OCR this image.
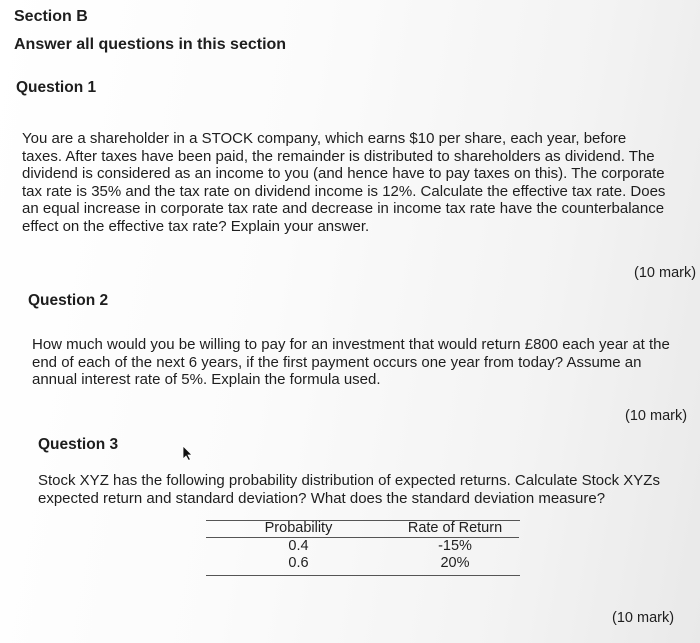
Section B
Answer all questions in this section
Question 1
You are a shareholder in a STOCK company, which earns $10 per share, each year, before
taxes. After taxes have been paid, the remainder is distributed to shareholders as dividend. The
dividend is considered as an income to you (and hence have to pay taxes on this). The corporate
tax rate is 35% and the tax rate on dividend income is 12%. Calculate the effective tax rate. Does
an equal increase in corporate tax rate and decrease in income tax rate have the counterbalance
effect on the effective tax rate? Explain your answer.
(10 mark)
Question 2
How much would you be willing to pay for an investment that would return £800 each year at the
end of each of the next 6 years, if the first payment occurs one year from today? Assume an
annual interest rate of 5%. Explain the formula used.
(10 mark)
Question 3
Stock XYZ has the following probability distribution of expected returns. Calculate Stock XYZs
expected return and standard deviation? What does the standard deviation measure?
Probability	Rate of Return
0.4	-15%
0.6	20%
(10 mark)
